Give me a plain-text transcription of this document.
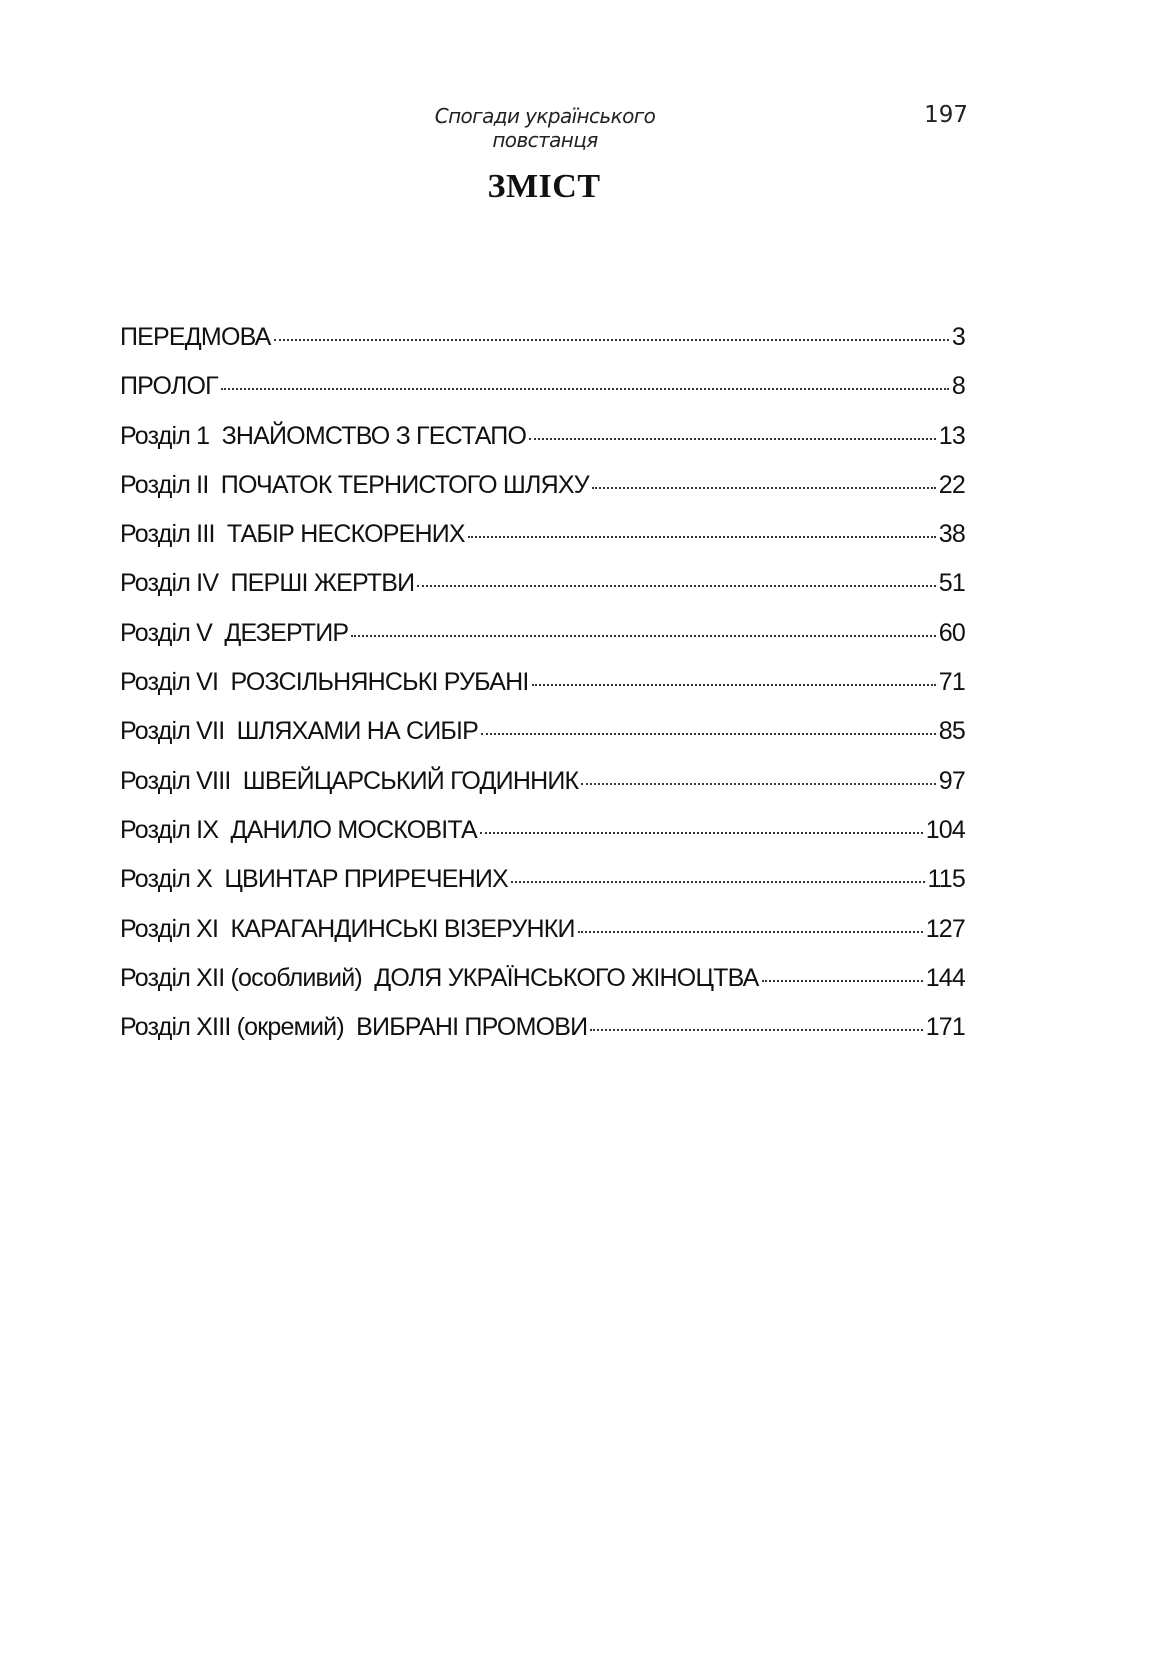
Спогади українського повстанця
197
ЗМІСТ
ПЕРЕДМОВА	3
ПРОЛОГ	8
Розділ 1  ЗНАЙОМСТВО З ГЕСТАПО	13
Розділ II  ПОЧАТОК ТЕРНИСТОГО ШЛЯХУ	22
Розділ III  ТАБІР НЕСКОРЕНИХ	38
Розділ IV  ПЕРШІ ЖЕРТВИ	51
Розділ V  ДЕЗЕРТИР	60
Розділ VI  РОЗСІЛЬНЯНСЬКІ РУБАНІ	71
Розділ VII  ШЛЯХАМИ НА СИБІР	85
Розділ VIII  ШВЕЙЦАРСЬКИЙ ГОДИННИК	97
Розділ IX  ДАНИЛО МОСКОВІТА	104
Розділ X  ЦВИНТАР ПРИРЕЧЕНИХ	115
Розділ XI  КАРАГАНДИНСЬКІ ВІЗЕРУНКИ	127
Розділ XII (особливий)  ДОЛЯ УКРАЇНСЬКОГО ЖІНОЦТВА	144
Розділ XIII (окремий)  ВИБРАНІ ПРОМОВИ	171
